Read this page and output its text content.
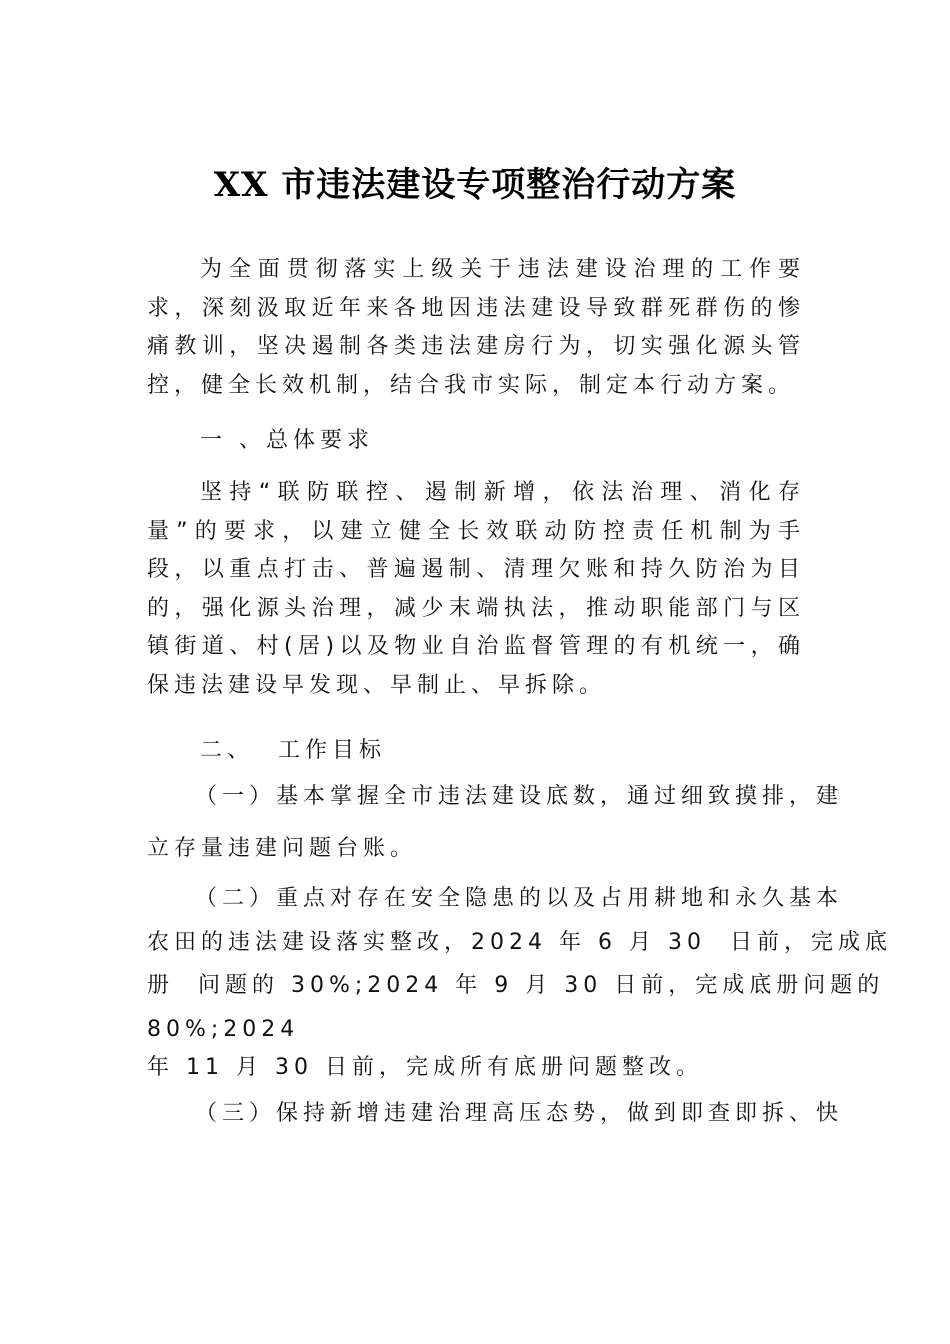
XX 市违法建设专项整治行动方案

为全面贯彻落实上级关于违法建设治理的工作要求，深刻汲取近年来各地因违法建设导致群死群伤的惨痛教训，坚决遏制各类违法建房行为，切实强化源头管控，健全长效机制，结合我市实际，制定本行动方案。

一 、总体要求

坚持“联防联控、遏制新增，依法治理、消化存量”的要求，以建立健全长效联动防控责任机制为手段，以重点打击、普遍遏制、清理欠账和持久防治为目的，强化源头治理，减少末端执法，推动职能部门与区镇街道、村(居)以及物业自治监督管理的有机统一，确保违法建设早发现、早制止、早拆除。

二、  工作目标

（一）基本掌握全市违法建设底数，通过细致摸排，建

立存量违建问题台账。

（二）重点对存在安全隐患的以及占用耕地和永久基本

农田的违法建设落实整改，2024 年 6 月 30  日前，完成底

册  问题的 30%;2024 年 9 月 30 日前，完成底册问题的

80%;2024

年 11 月 30 日前，完成所有底册问题整改。

（三）保持新增违建治理高压态势，做到即查即拆、快
